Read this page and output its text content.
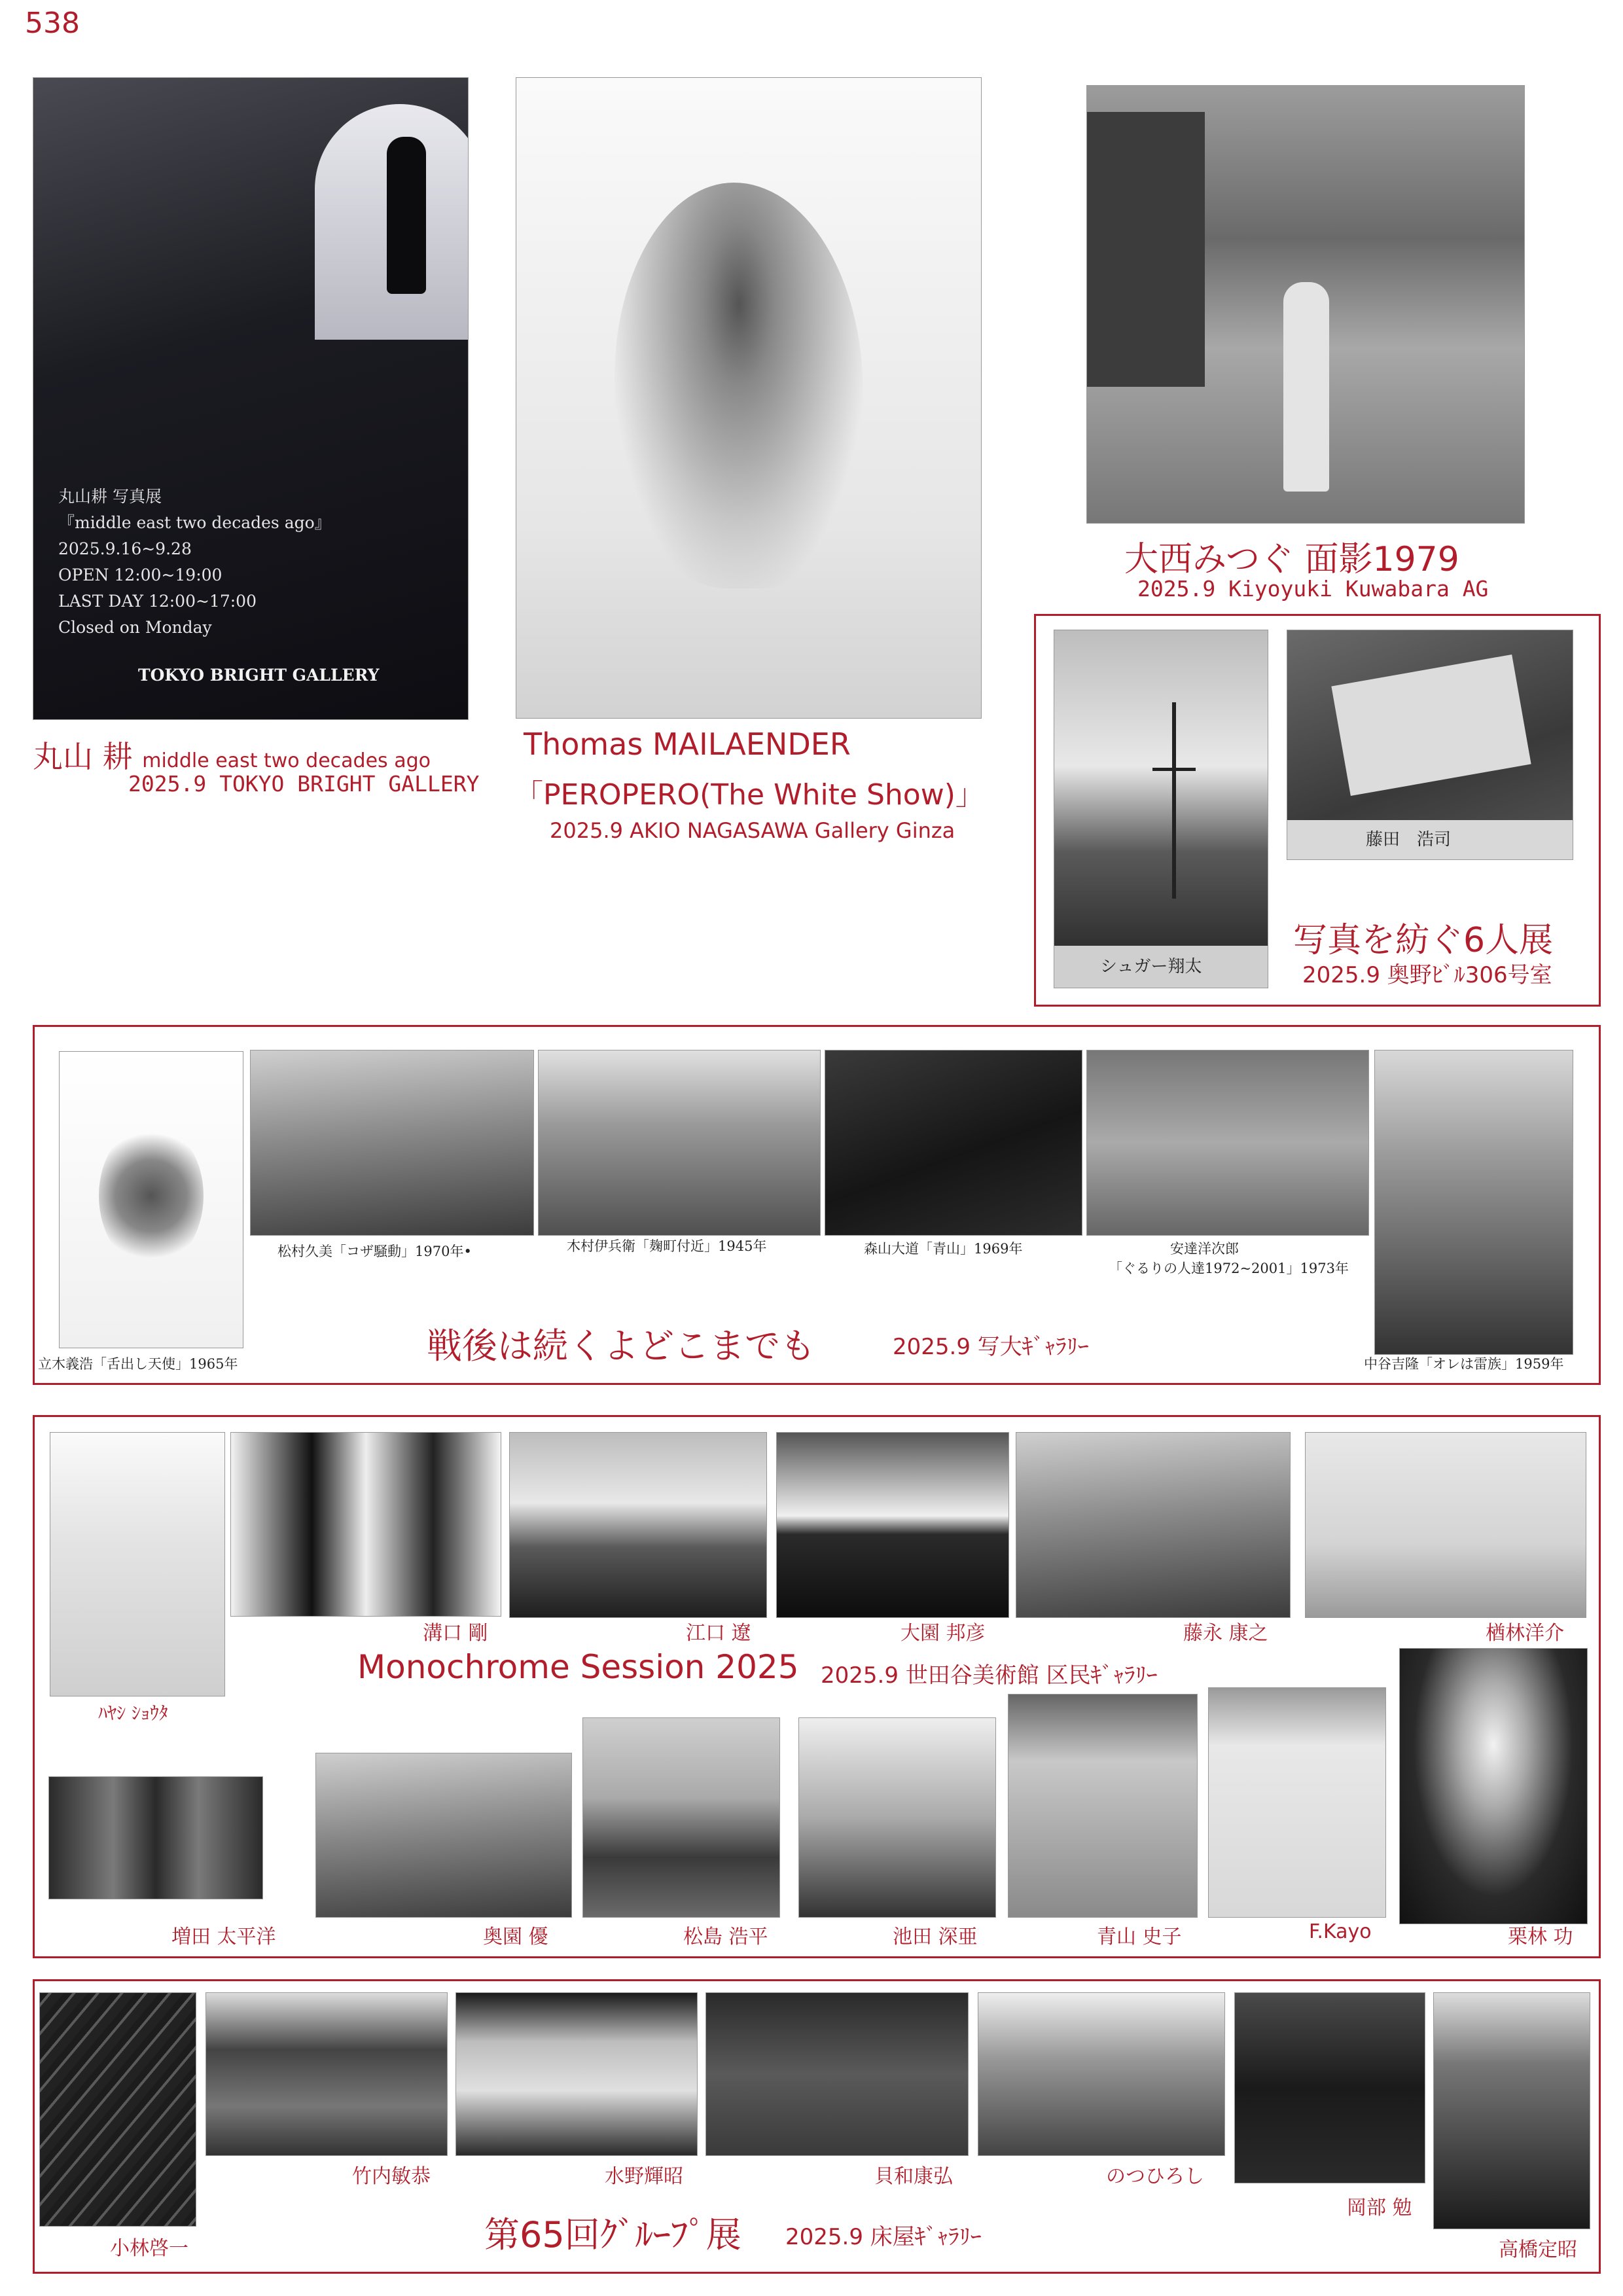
538
丸山耕 写真展
『middle east two decades ago』
2025.9.16~9.28
OPEN 12:00~19:00
LAST DAY 12:00~17:00
Closed on Monday
TOKYO BRIGHT GALLERY
丸山 耕 middle east two decades ago
2025.9 TOKYO BRIGHT GALLERY
Thomas MAILAENDER
「PEROPERO(The White Show)」
2025.9 AKIO NAGASAWA Gallery Ginza
大西みつぐ 面影1979
2025.9 Kiyoyuki Kuwabara AG
シュガー翔太
藤田　浩司
写真を紡ぐ6人展
2025.9 奥野ﾋﾞﾙ306号室
松村久美「コザ騒動」1970年•	木村伊兵衛「麹町付近」1945年	森山大道「青山」1969年	安達洋次郎
「ぐるりの人達1972~2001」1973年
立木義浩「舌出し天使」1965年	中谷吉隆「オレは雷族」1959年
戦後は続くよどこまでも	2025.9 写大ｷﾞｬﾗﾘｰ
溝口 剛	江口 遼	大園 邦彦	藤永 康之	楢林洋介
ﾊﾔｼ ｼｮｳﾀ
Monochrome Session 2025 2025.9 世田谷美術館 区民ｷﾞｬﾗﾘｰ
増田 太平洋	奥園 優	松島 浩平	池田 深亜	青山 史子	F.Kayo	栗林 功
竹内敏恭	水野輝昭	貝和康弘	のつひろし
岡部 勉
小林啓一	高橋定昭
第65回ｸﾞﾙｰﾌﾟ展 2025.9 床屋ｷﾞｬﾗﾘｰ
